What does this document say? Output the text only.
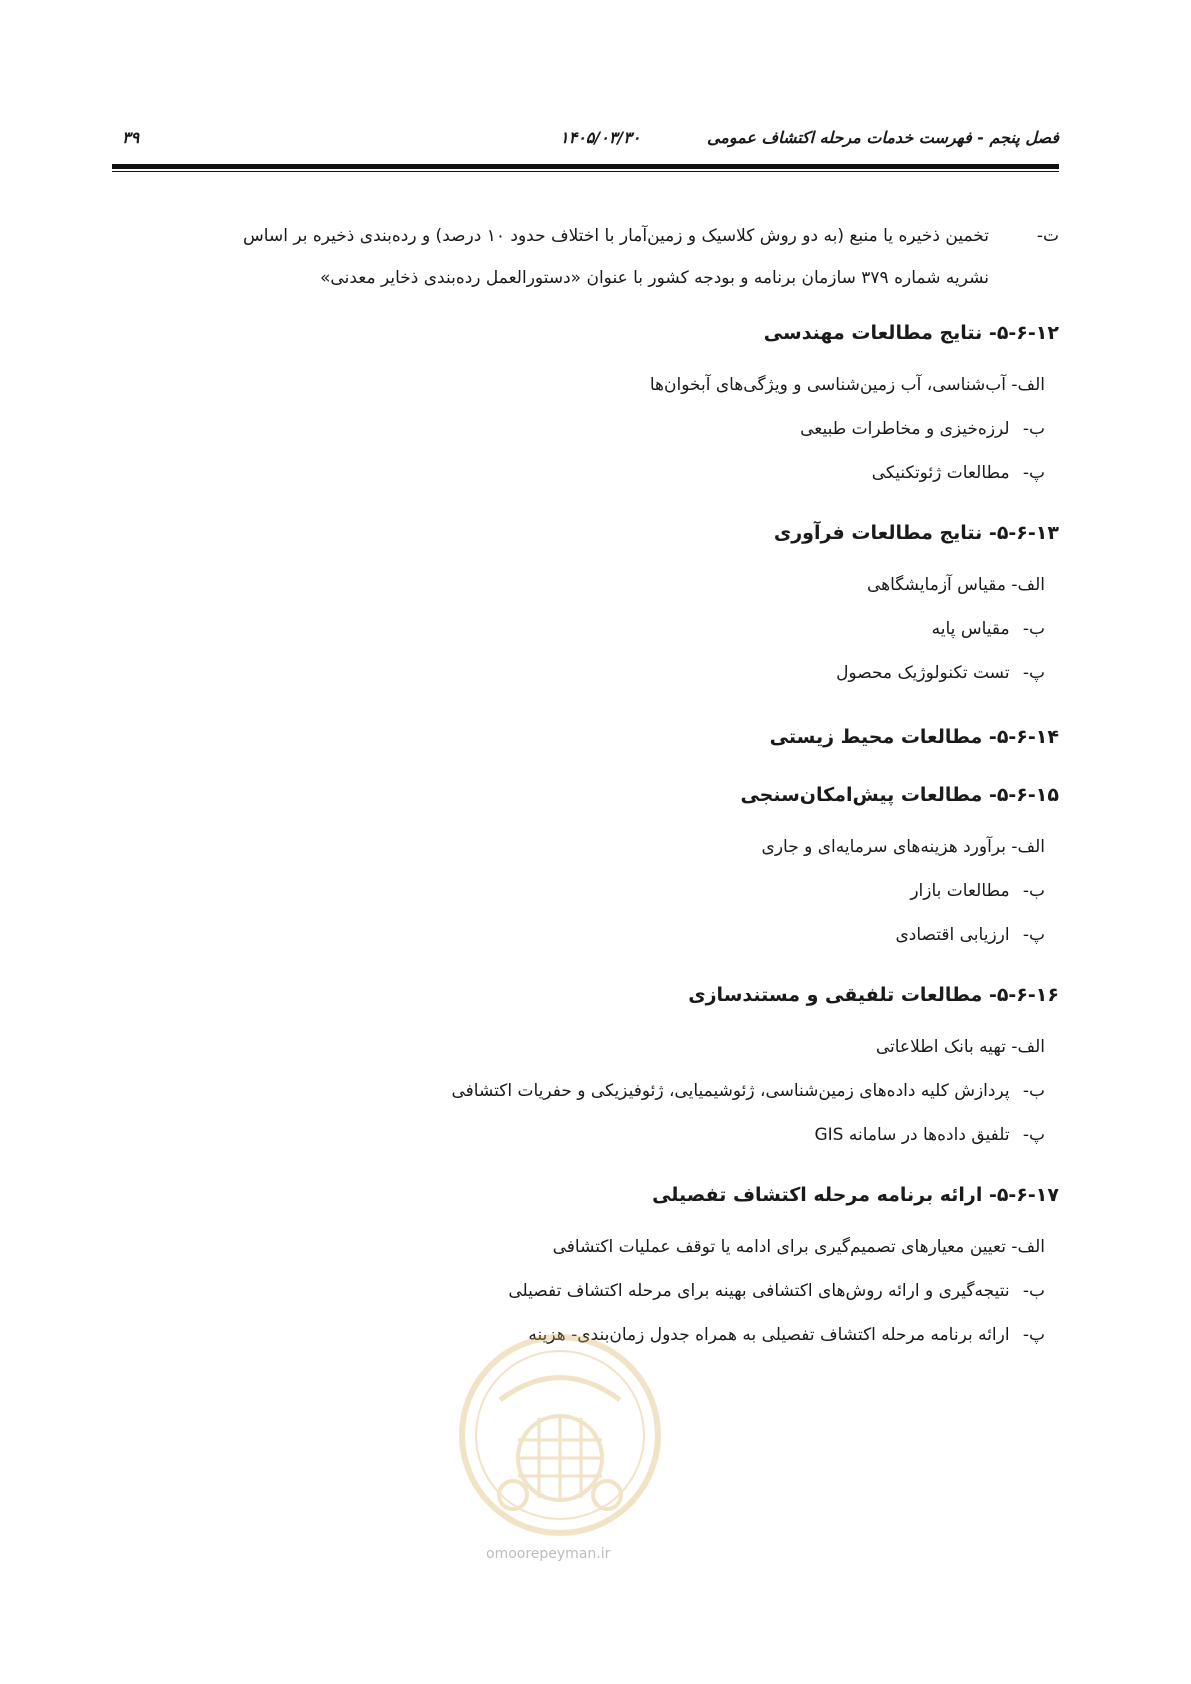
فصل پنجم - فهرست خدمات مرحله اکتشاف عمومی
۱۴۰۵/۰۳/۳۰
۳۹
ت-
تخمین ذخیره یا منبع (به دو روش کلاسیک و زمین‌آمار با اختلاف حدود ۱۰ درصد) و رده‌بندی ذخیره بر اساس
نشریه شماره ۳۷۹ سازمان برنامه و بودجه کشور با عنوان «دستورالعمل رده‌بندی ذخایر معدنی»
۵-۶-۱۲- نتایج مطالعات مهندسی
الف- آب‌شناسی، آب زمین‌شناسی و ویژگی‌های آبخوان‌ها
ب- لرزه‌خیزی و مخاطرات طبیعی
پ- مطالعات ژئوتکنیکی
۵-۶-۱۳- نتایج مطالعات فرآوری
الف- مقیاس آزمایشگاهی
ب- مقیاس پایه
پ- تست تکنولوژیک محصول
۵-۶-۱۴- مطالعات محیط زیستی
۵-۶-۱۵- مطالعات پیش‌امکان‌سنجی
الف- برآورد هزینه‌های سرمایه‌ای و جاری
ب- مطالعات بازار
پ- ارزیابی اقتصادی
۵-۶-۱۶- مطالعات تلفیقی و مستندسازی
الف- تهیه بانک اطلاعاتی
ب- پردازش کلیه داده‌های زمین‌شناسی، ژئوشیمیایی، ژئوفیزیکی و حفریات اکتشافی
پ- تلفیق داده‌ها در سامانه GIS
۵-۶-۱۷- ارائه برنامه مرحله اکتشاف تفصیلی
الف- تعیین معیارهای تصمیم‌گیری برای ادامه یا توقف عملیات اکتشافی
ب- نتیجه‌گیری و ارائه روش‌های اکتشافی بهینه برای مرحله اکتشاف تفصیلی
پ- ارائه برنامه مرحله اکتشاف تفصیلی به همراه جدول زمان‌بندی- هزینه
omoorepeyman.ir
